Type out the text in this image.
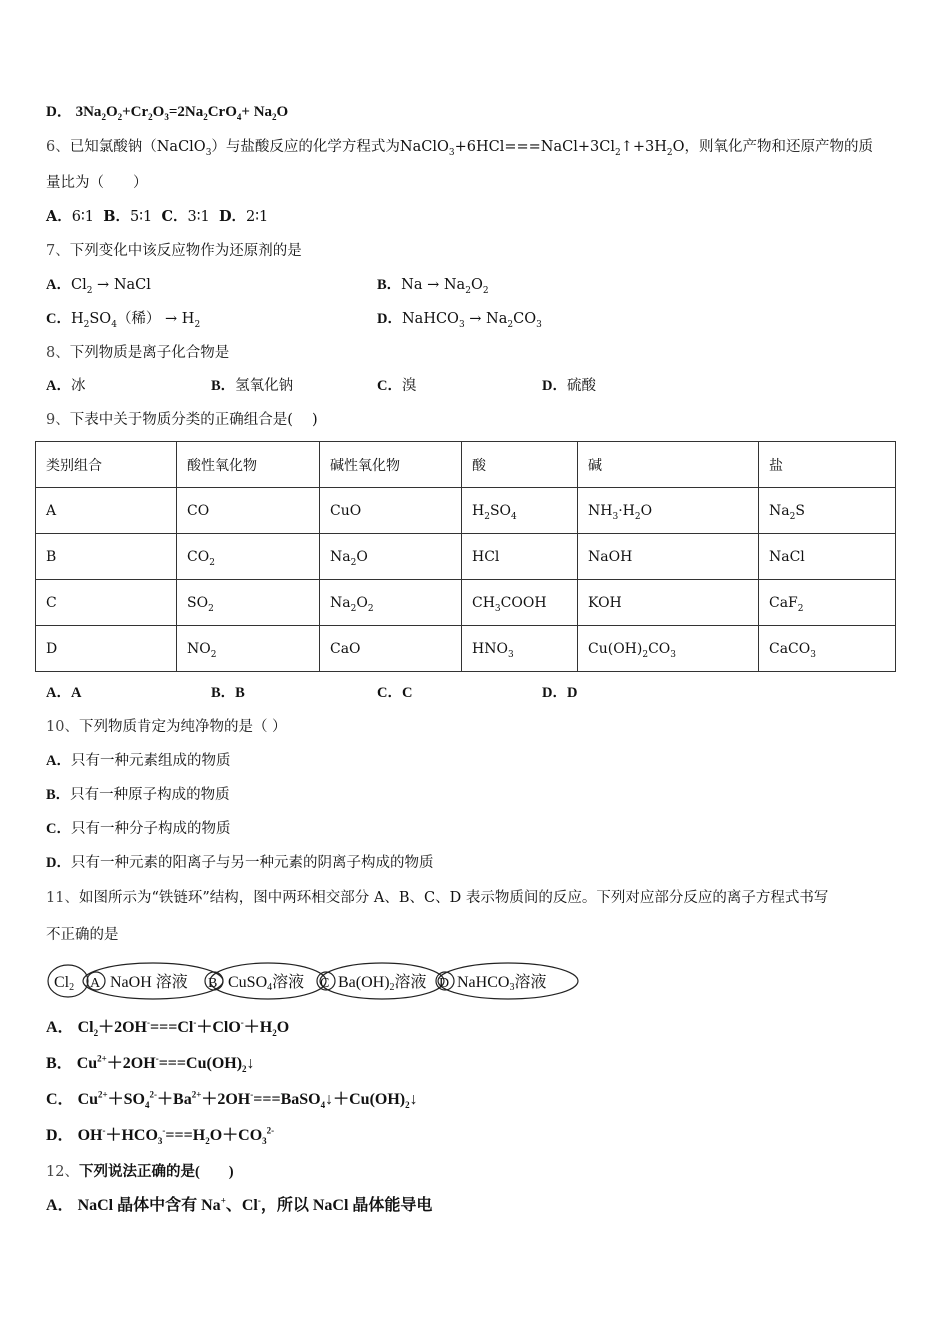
D． $3Na_2O_2+Cr_2O_3=2Na_2CrO_4+ Na_2O$
6、已知氯酸钠（NaClO$_3$）与盐酸反应的化学方程式为$NaClO_3+6HCl===NaCl+3Cl_2↑+3H_2O$，则氧化产物和还原产物的质
量比为（　　）
A．6∶1 B．5∶1 C．3∶1 D．2∶1
7、下列变化中该反应物作为还原剂的是
A．$Cl_2$ → NaCl	B．$Na \to Na_2O_2$
C．$H_2SO_4$（稀） → $H_2$	D．NaHCO$_3$ → $Na_2CO_3$
8、下列物质是离子化合物是
A．冰	B．氢氧化钠	C．溴	D．硫酸
9、下表中关于物质分类的正确组合是(　 )
类别组合	酸性氧化物	碱性氧化物	酸	碱	盐
A	CO	CuO	$H_2SO_4$	$NH_3\cdot H_2O$	$Na_2S$
B	$CO_2$	$Na_2O$	HCl	NaOH	NaCl
C	$SO_2$	$Na_2O_2$	$CH_3COOH$	KOH	CaF$_2$
D	$NO_2$	CaO	$HNO_3$	$Cu(OH)_2CO_3$	CaCO$_3$
A．A	B．B	C．C	D．D
10、下列物质肯定为纯净物的是（ ）
A．只有一种元素组成的物质
B．只有一种原子构成的物质
C．只有一种分子构成的物质
D．只有一种元素的阳离子与另一种元素的阴离子构成的物质
11、如图所示为“铁链环”结构，图中两环相交部分 A、B、C、D 表示物质间的反应。下列对应部分反应的离子方程式书写
不正确的是
Cl2 A NaOH 溶液 B CuSO4溶液 C Ba(OH)2溶液 D NaHCO3溶液
A． $Cl_2+2OH^-===Cl^-+ClO^-+H_2O$
B． $Cu^{2+}+2OH^-===Cu(OH)_2↓$
C． $Cu^{2+}+SO_4^{2-}+Ba^{2+}+2OH^-===BaSO_4↓+Cu(OH)_2↓$
D． $OH^-+HCO_3^-===H_2O+CO_3^{2-}$
12、下列说法正确的是(　　)
A． NaCl 晶体中含有 Na+、Cl-，所以 NaCl 晶体能导电
